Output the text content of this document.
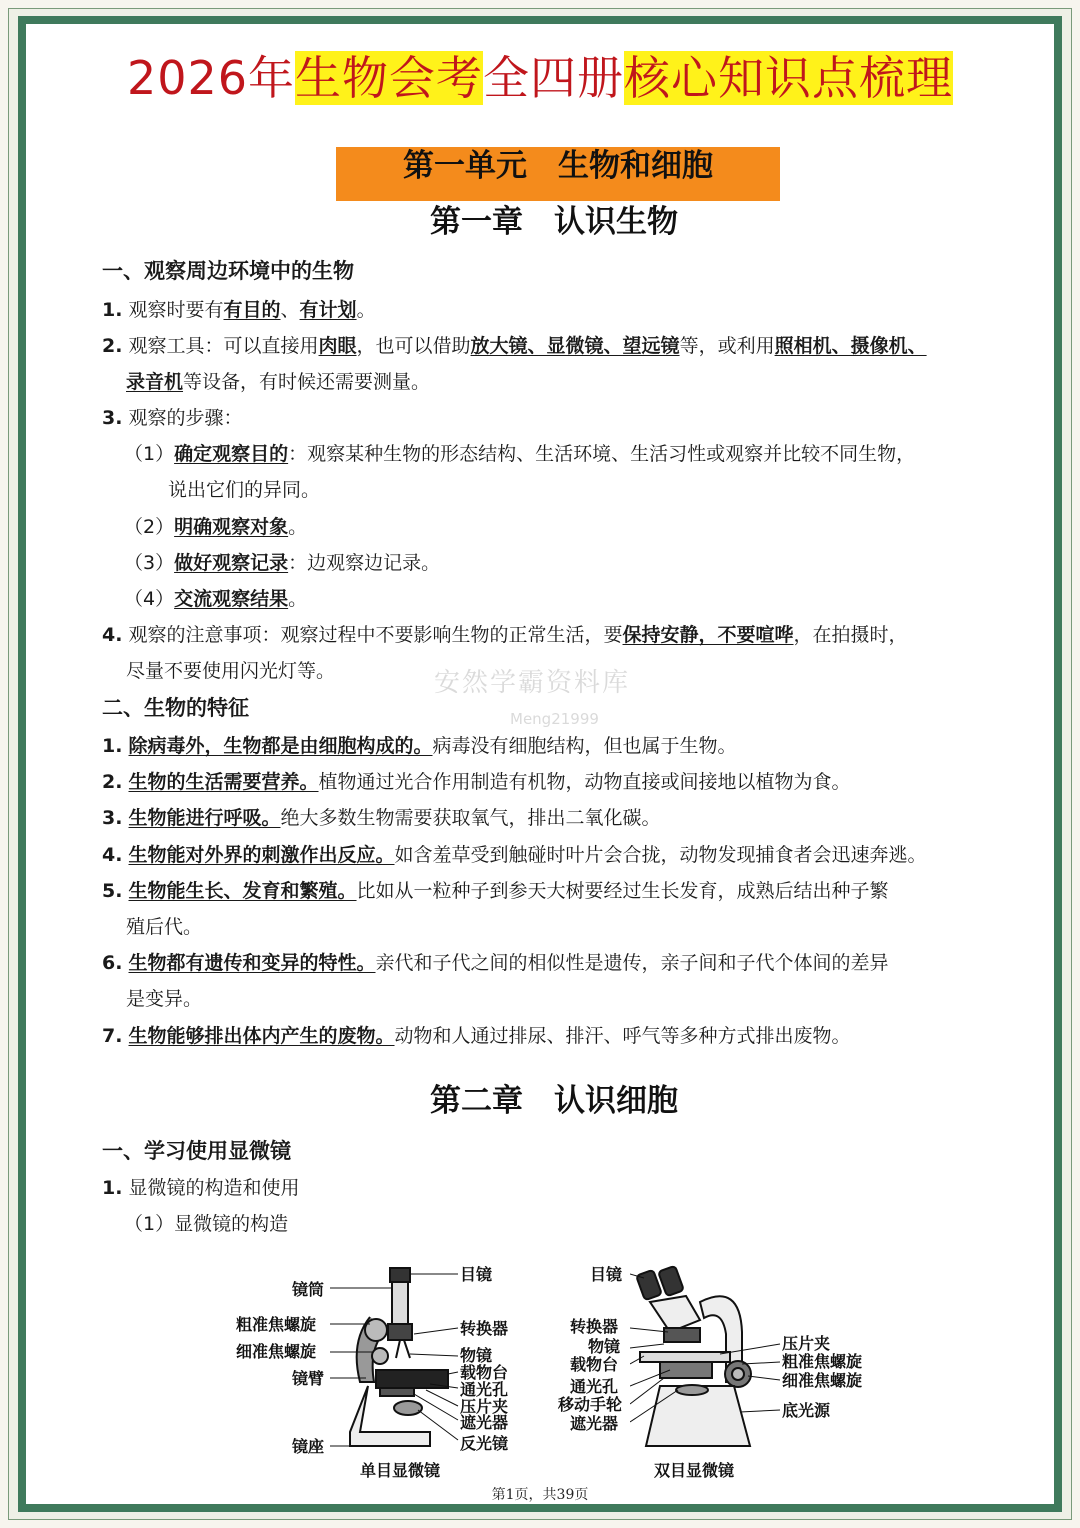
2026年生物会考全四册核心知识点梳理
第一单元　生物和细胞
第一章　认识生物
一、观察周边环境中的生物
1. 观察时要有有目的、有计划。
2. 观察工具：可以直接用肉眼，也可以借助放大镜、显微镜、望远镜等，或利用照相机、摄像机、
录音机等设备，有时候还需要测量。
3. 观察的步骤：
（1）确定观察目的：观察某种生物的形态结构、生活环境、生活习性或观察并比较不同生物，
说出它们的异同。
（2）明确观察对象。
（3）做好观察记录：边观察边记录。
（4）交流观察结果。
4. 观察的注意事项：观察过程中不要影响生物的正常生活，要保持安静，不要喧哗，在拍摄时，
尽量不要使用闪光灯等。	安然学霸资料库
Meng21999
二、生物的特征
1. 除病毒外，生物都是由细胞构成的。病毒没有细胞结构，但也属于生物。
2. 生物的生活需要营养。植物通过光合作用制造有机物，动物直接或间接地以植物为食。
3. 生物能进行呼吸。绝大多数生物需要获取氧气，排出二氧化碳。
4. 生物能对外界的刺激作出反应。如含羞草受到触碰时叶片会合拢，动物发现捕食者会迅速奔逃。
5. 生物能生长、发育和繁殖。比如从一粒种子到参天大树要经过生长发育，成熟后结出种子繁
殖后代。
6. 生物都有遗传和变异的特性。亲代和子代之间的相似性是遗传，亲子间和子代个体间的差异
是变异。
7. 生物能够排出体内产生的废物。动物和人通过排尿、排汗、呼气等多种方式排出废物。
第二章　认识细胞
一、学习使用显微镜
1. 显微镜的构造和使用
（1）显微镜的构造
镜筒
粗准焦螺旋
细准焦螺旋
镜臂
镜座
目镜
转换器
物镜
载物台
通光孔
压片夹
遮光器
反光镜
单目显微镜
目镜
转换器
物镜
载物台
通光孔
移动手轮
遮光器
压片夹
粗准焦螺旋
细准焦螺旋
底光源
双目显微镜
第1页，共39页
